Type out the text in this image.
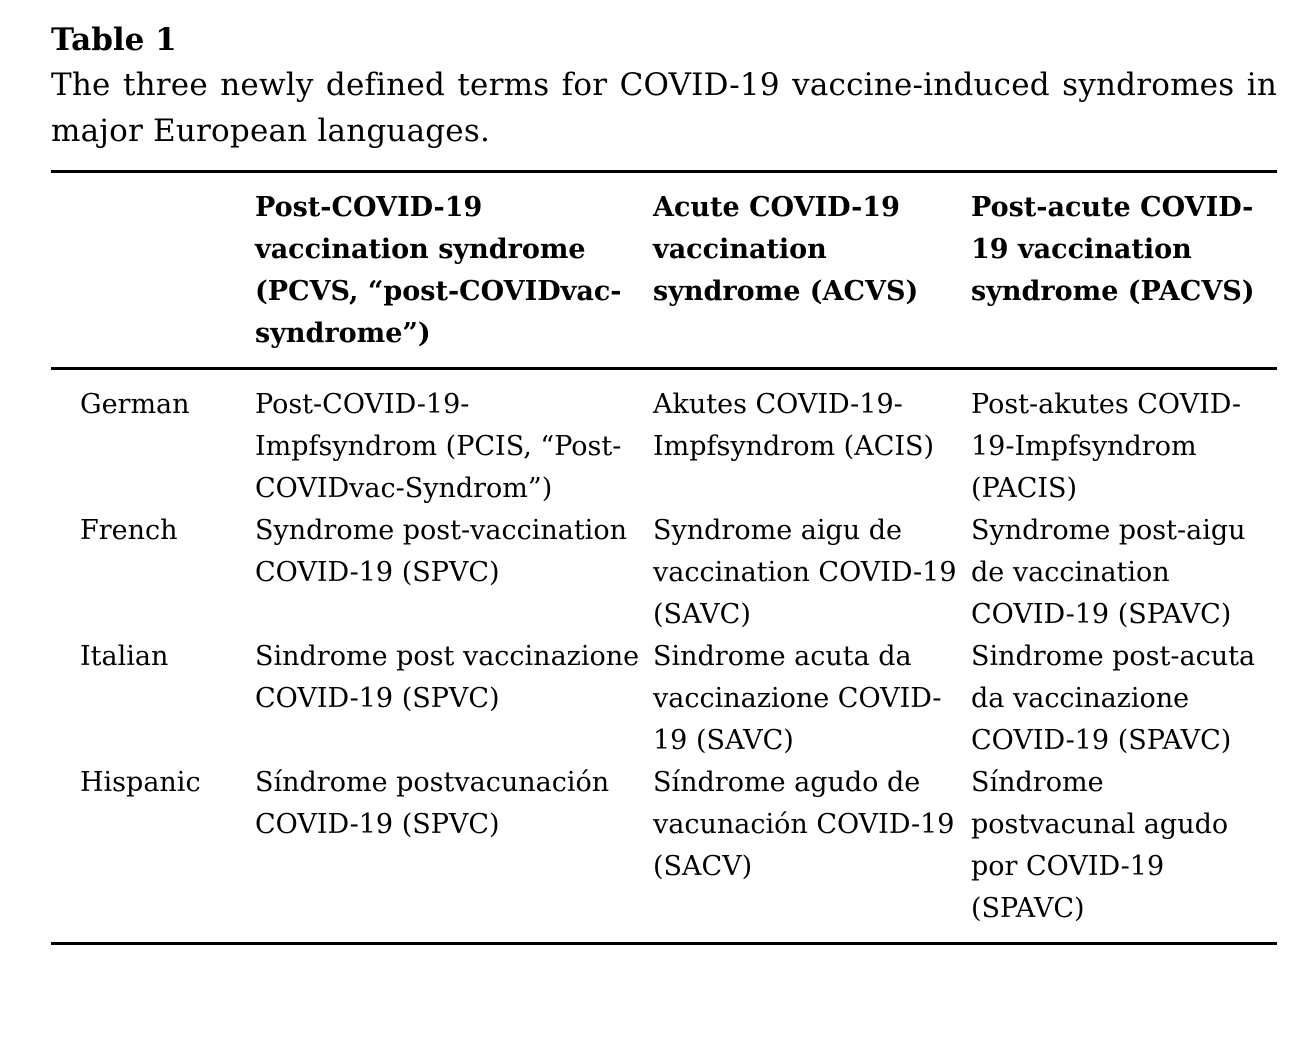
Table 1

The three newly defined terms for COVID-19 vaccine-induced syndromes in major European languages.

	Post-COVID-19 vaccination syndrome (PCVS, “post-COVIDvac-syndrome”)	Acute COVID-19 vaccination syndrome (ACVS)	Post-acute COVID-19 vaccination syndrome (PACVS)
German	Post-COVID-19-Impfsyndrom (PCIS, “Post-COVIDvac-Syndrom”)	Akutes COVID-19-Impfsyndrom (ACIS)	Post-akutes COVID-19-Impfsyndrom (PACIS)
French	Syndrome post-vaccination COVID-19 (SPVC)	Syndrome aigu de vaccination COVID-19 (SAVC)	Syndrome post-aigu de vaccination COVID-19 (SPAVC)
Italian	Sindrome post vaccinazione COVID-19 (SPVC)	Sindrome acuta da vaccinazione COVID-19 (SAVC)	Sindrome post-acuta da vaccinazione COVID-19 (SPAVC)
Hispanic	Síndrome postvacunación COVID-19 (SPVC)	Síndrome agudo de vacunación COVID-19 (SACV)	Síndrome postvacunal agudo por COVID-19 (SPAVC)
